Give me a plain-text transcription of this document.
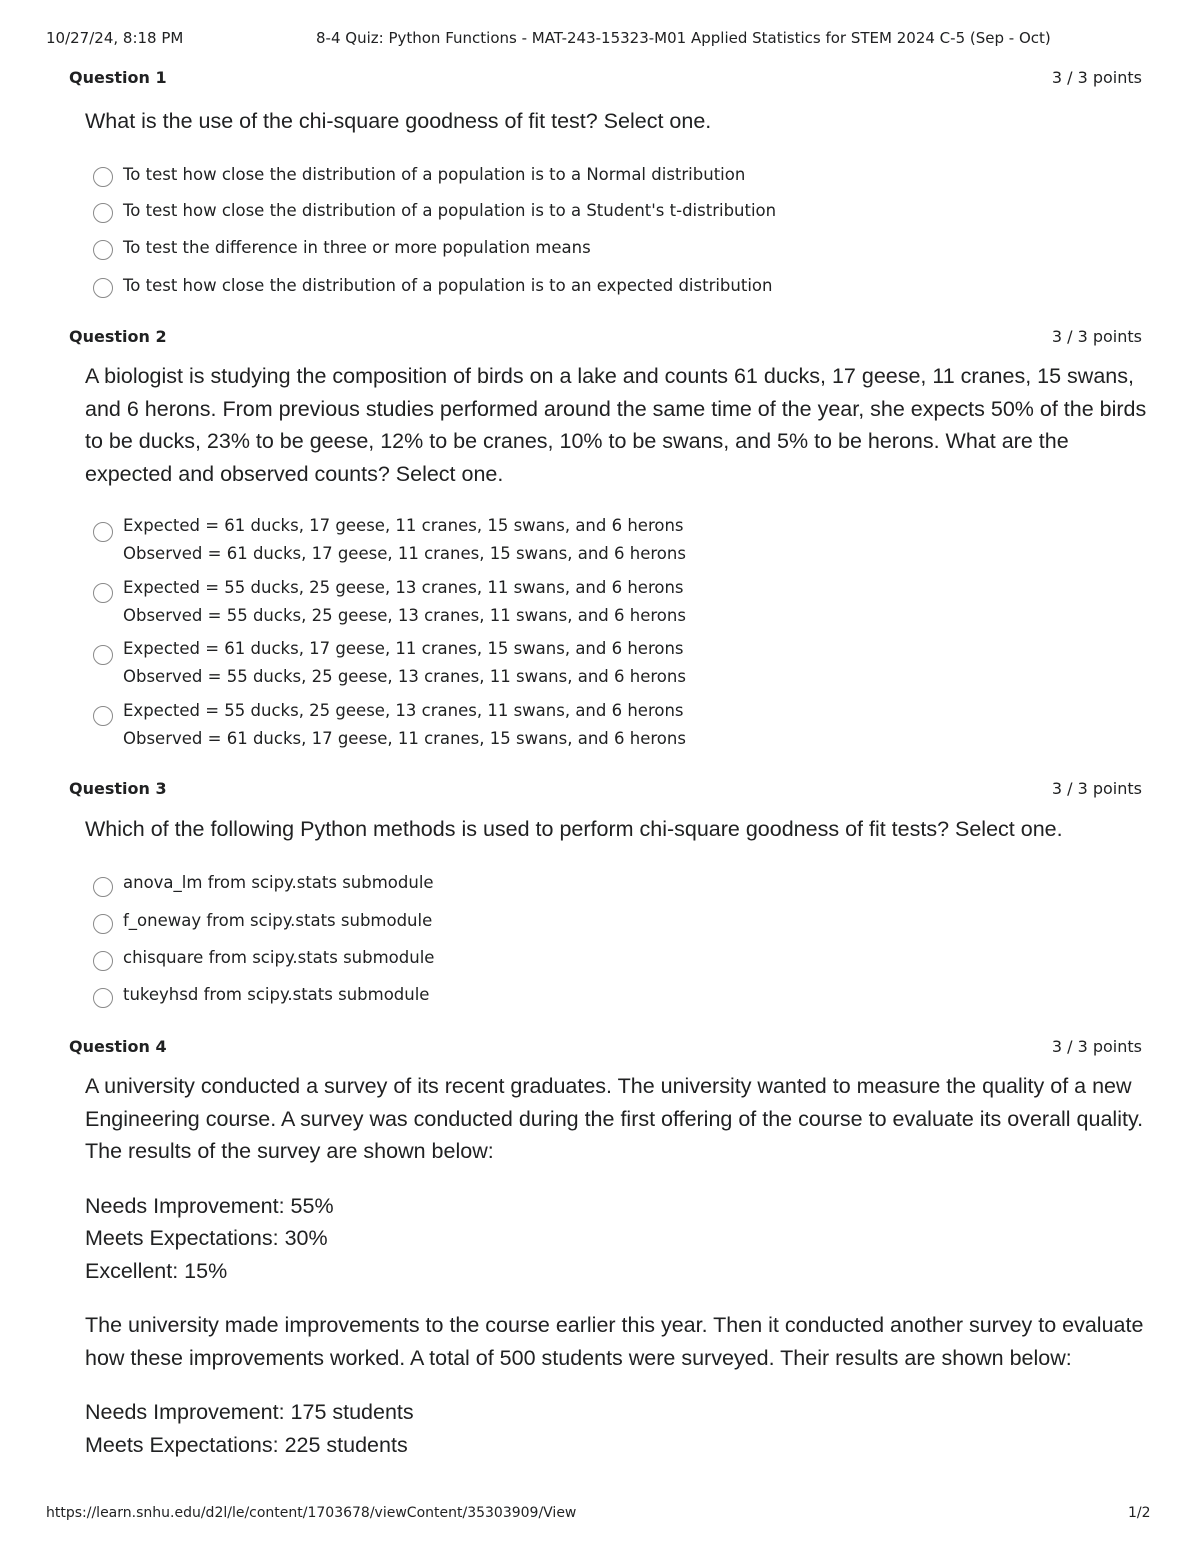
10/27/24, 8:18 PM	8-4 Quiz: Python Functions - MAT-243-15323-M01 Applied Statistics for STEM 2024 C-5 (Sep - Oct)
Question 1	3 / 3 points
What is the use of the chi-square goodness of fit test? Select one.
To test how close the distribution of a population is to a Normal distribution
To test how close the distribution of a population is to a Student's t-distribution
To test the difference in three or more population means
To test how close the distribution of a population is to an expected distribution
Question 2	3 / 3 points
A biologist is studying the composition of birds on a lake and counts 61 ducks, 17 geese, 11 cranes, 15 swans, and 6 herons. From previous studies performed around the same time of the year, she expects 50% of the birds to be ducks, 23% to be geese, 12% to be cranes, 10% to be swans, and 5% to be herons. What are the expected and observed counts? Select one.
Expected = 61 ducks, 17 geese, 11 cranes, 15 swans, and 6 herons
Observed = 61 ducks, 17 geese, 11 cranes, 15 swans, and 6 herons
Expected = 55 ducks, 25 geese, 13 cranes, 11 swans, and 6 herons
Observed = 55 ducks, 25 geese, 13 cranes, 11 swans, and 6 herons
Expected = 61 ducks, 17 geese, 11 cranes, 15 swans, and 6 herons
Observed = 55 ducks, 25 geese, 13 cranes, 11 swans, and 6 herons
Expected = 55 ducks, 25 geese, 13 cranes, 11 swans, and 6 herons
Observed = 61 ducks, 17 geese, 11 cranes, 15 swans, and 6 herons
Question 3	3 / 3 points
Which of the following Python methods is used to perform chi-square goodness of fit tests? Select one.
anova_lm from scipy.stats submodule
f_oneway from scipy.stats submodule
chisquare from scipy.stats submodule
tukeyhsd from scipy.stats submodule
Question 4	3 / 3 points

A university conducted a survey of its recent graduates. The university wanted to measure the quality of a new Engineering course. A survey was conducted during the first offering of the course to evaluate its overall quality. The results of the survey are shown below:

Needs Improvement: 55%

Meets Expectations: 30%

Excellent: 15%

The university made improvements to the course earlier this year. Then it conducted another survey to evaluate how these improvements worked. A total of 500 students were surveyed. Their results are shown below:

Needs Improvement: 175 students

Meets Expectations: 225 students

https://learn.snhu.edu/d2l/le/content/1703678/viewContent/35303909/View	1/2
